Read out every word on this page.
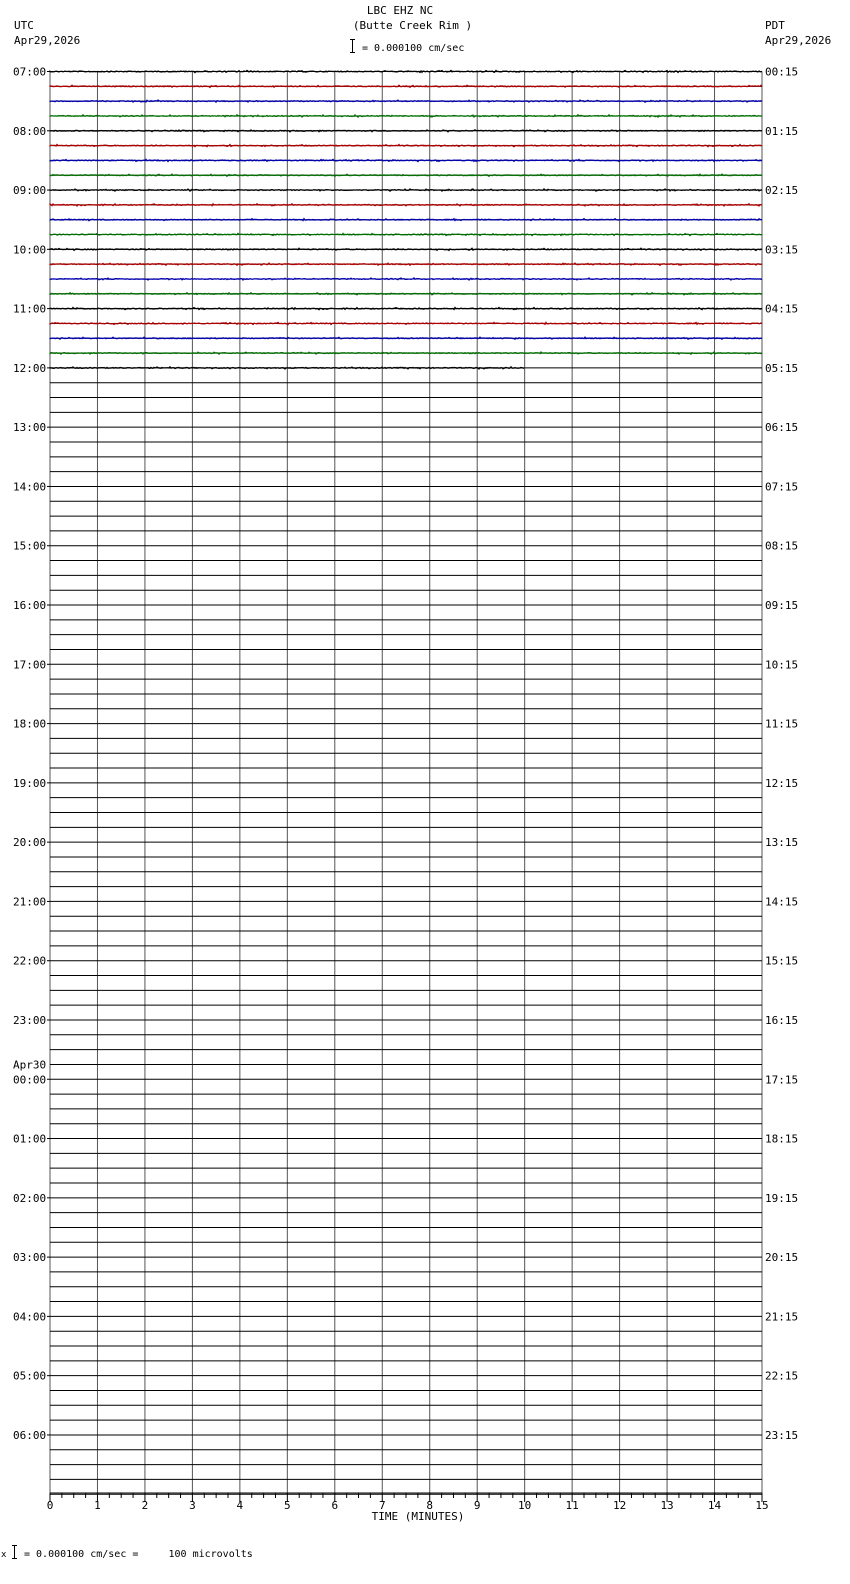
UTC
Apr29,2026
LBC EHZ NC
(Butte Creek Rim )
= 0.000100 cm/sec
PDT
Apr29,2026
07:00
08:00
09:00
10:00
11:00
12:00
13:00
14:00
15:00
16:00
17:00
18:00
19:00
20:00
21:00
22:00
23:00
Apr30
00:00
01:00
02:00
03:00
04:00
05:00
06:00
00:15
01:15
02:15
03:15
04:15
05:15
06:15
07:15
08:15
09:15
10:15
11:15
12:15
13:15
14:15
15:15
16:15
17:15
18:15
19:15
20:15
21:15
22:15
23:15
0	1	2	3	4	5	6	7	8	9	10	11	12	13	14	15
TIME (MINUTES)
x = 0.000100 cm/sec =     100 microvolts
